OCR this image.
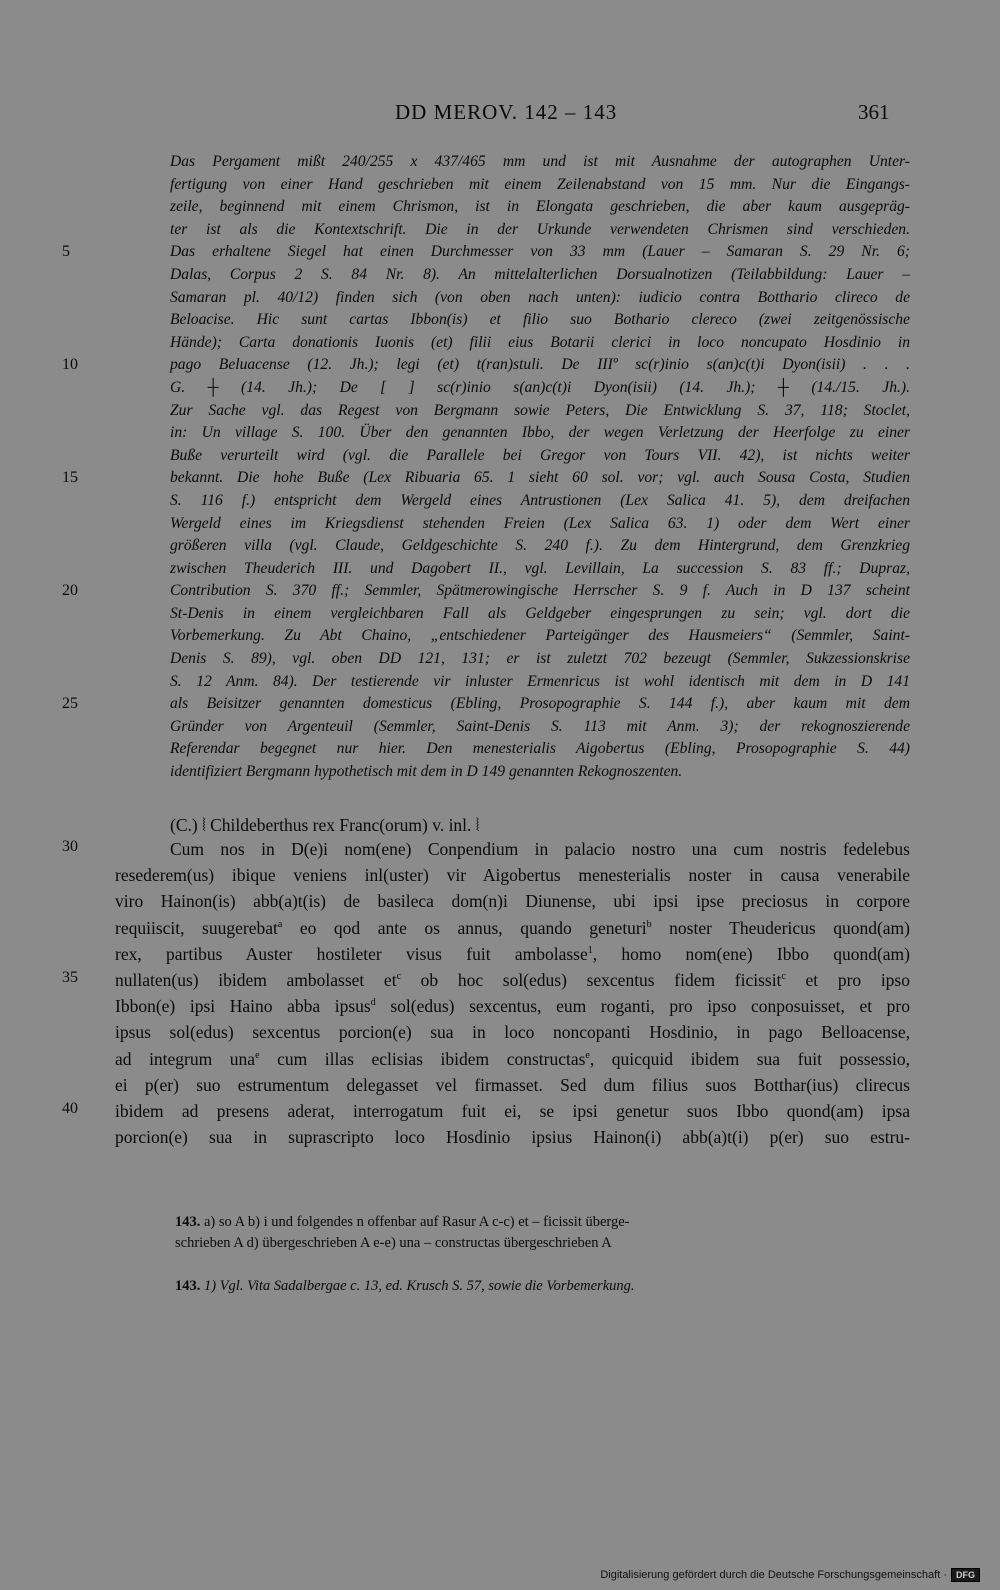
DD MEROV. 142 – 143	361
5
10
15
20
25
30
35
40
Das Pergament mißt 240/255 x 437/465 mm und ist mit Ausnahme der autographen Unter-
fertigung von einer Hand geschrieben mit einem Zeilenabstand von 15 mm. Nur die Eingangs-
zeile, beginnend mit einem Chrismon, ist in Elongata geschrieben, die aber kaum ausgepräg-
ter ist als die Kontextschrift. Die in der Urkunde verwendeten Chrismen sind verschieden.
Das erhaltene Siegel hat einen Durchmesser von 33 mm (Lauer – Samaran S. 29 Nr. 6;
Dalas, Corpus 2 S. 84 Nr. 8). An mittelalterlichen Dorsualnotizen (Teilabbildung: Lauer –
Samaran pl. 40/12) finden sich (von oben nach unten): iudicio contra Botthario clireco de
Beloacise. Hic sunt cartas Ibbon(is) et filio suo Bothario clereco (zwei zeitgenössische
Hände); Carta donationis Iuonis (et) filii eius Botarii clerici in loco noncupato Hosdinio in
pago Beluacense (12. Jh.); legi (et) t(ran)stuli. De IIIº sc(r)inio s(an)c(t)i Dyon(isii) . . .
G. ┼ (14. Jh.); De [ ] sc(r)inio s(an)c(t)i Dyon(isii) (14. Jh.); ┼ (14./15. Jh.).
Zur Sache vgl. das Regest von Bergmann sowie Peters, Die Entwicklung S. 37, 118; Stoclet,
in: Un village S. 100. Über den genannten Ibbo, der wegen Verletzung der Heerfolge zu einer
Buße verurteilt wird (vgl. die Parallele bei Gregor von Tours VII. 42), ist nichts weiter
bekannt. Die hohe Buße (Lex Ribuaria 65. 1 sieht 60 sol. vor; vgl. auch Sousa Costa, Studien
S. 116 f.) entspricht dem Wergeld eines Antrustionen (Lex Salica 41. 5), dem dreifachen
Wergeld eines im Kriegsdienst stehenden Freien (Lex Salica 63. 1) oder dem Wert einer
größeren villa (vgl. Claude, Geldgeschichte S. 240 f.). Zu dem Hintergrund, dem Grenzkrieg
zwischen Theuderich III. und Dagobert II., vgl. Levillain, La succession S. 83 ff.; Dupraz,
Contribution S. 370 ff.; Semmler, Spätmerowingische Herrscher S. 9 f. Auch in D 137 scheint
St-Denis in einem vergleichbaren Fall als Geldgeber eingesprungen zu sein; vgl. dort die
Vorbemerkung. Zu Abt Chaino, „entschiedener Parteigänger des Hausmeiers“ (Semmler, Saint-
Denis S. 89), vgl. oben DD 121, 131; er ist zuletzt 702 bezeugt (Semmler, Sukzessionskrise
S. 12 Anm. 84). Der testierende vir inluster Ermenricus ist wohl identisch mit dem in D 141
als Beisitzer genannten domesticus (Ebling, Prosopographie S. 144 f.), aber kaum mit dem
Gründer von Argenteuil (Semmler, Saint-Denis S. 113 mit Anm. 3); der rekognoszierende
Referendar begegnet nur hier. Den menesterialis Aigobertus (Ebling, Prosopographie S. 44)
identifiziert Bergmann hypothetisch mit dem in D 149 genannten Rekognoszenten.
(C.) ⦚ Childeberthus rex Franc(orum) v. inl. ⦚
Cum nos in D(e)i nom(ene) Conpendium in palacio nostro una cum nostris fedelebus
resederem(us) ibique veniens inl(uster) vir Aigobertus menesterialis noster in causa venerabile
viro Hainon(is) abb(a)t(is) de basileca dom(n)i Diunense, ubi ipsi ipse preciosus in corpore
requiiscit, suugerebat$^a$ eo qod ante os annus, quando geneturi$^b$ noster Theudericus quond(am)
rex, partibus Auster hostileter visus fuit ambolasse$^1$, homo nom(ene) Ibbo quond(am)
nullaten(us) ibidem ambolasset $et^c$ ob hoc sol(edus) sexcentus fidem ficissit$^c$ et pro ipso
Ibbon(e) ipsi Haino abba ipsus$^d$ sol(edus) sexcentus, eum roganti, pro ipso conposuisset, et pro
ipsus sol(edus) sexcentus porcion(e) sua in loco noncopanti Hosdinio, in pago Belloacense,
ad integrum una$^e$ cum illas eclisias ibidem constructas$^e$, quicquid ibidem sua fuit possessio,
ei p(er) suo estrumentum delegasset vel firmasset. Sed dum filius suos Botthar(ius) clirecus
ibidem ad presens aderat, interrogatum fuit ei, se ipsi genetur suos Ibbo quond(am) ipsa
porcion(e) sua in suprascripto loco Hosdinio ipsius Hainon(i) abb(a)t(i) p(er) suo estru-
143. a) so A b) i und folgendes n offenbar auf Rasur A c-c) et – ficissit überge-
schrieben A d) übergeschrieben A e-e) una – constructas übergeschrieben A
143. 1) Vgl. Vita Sadalbergae c. 13, ed. Krusch S. 57, sowie die Vorbemerkung.
Digitalisierung gefördert durch die Deutsche Forschungsgemeinschaft ·	DFG
